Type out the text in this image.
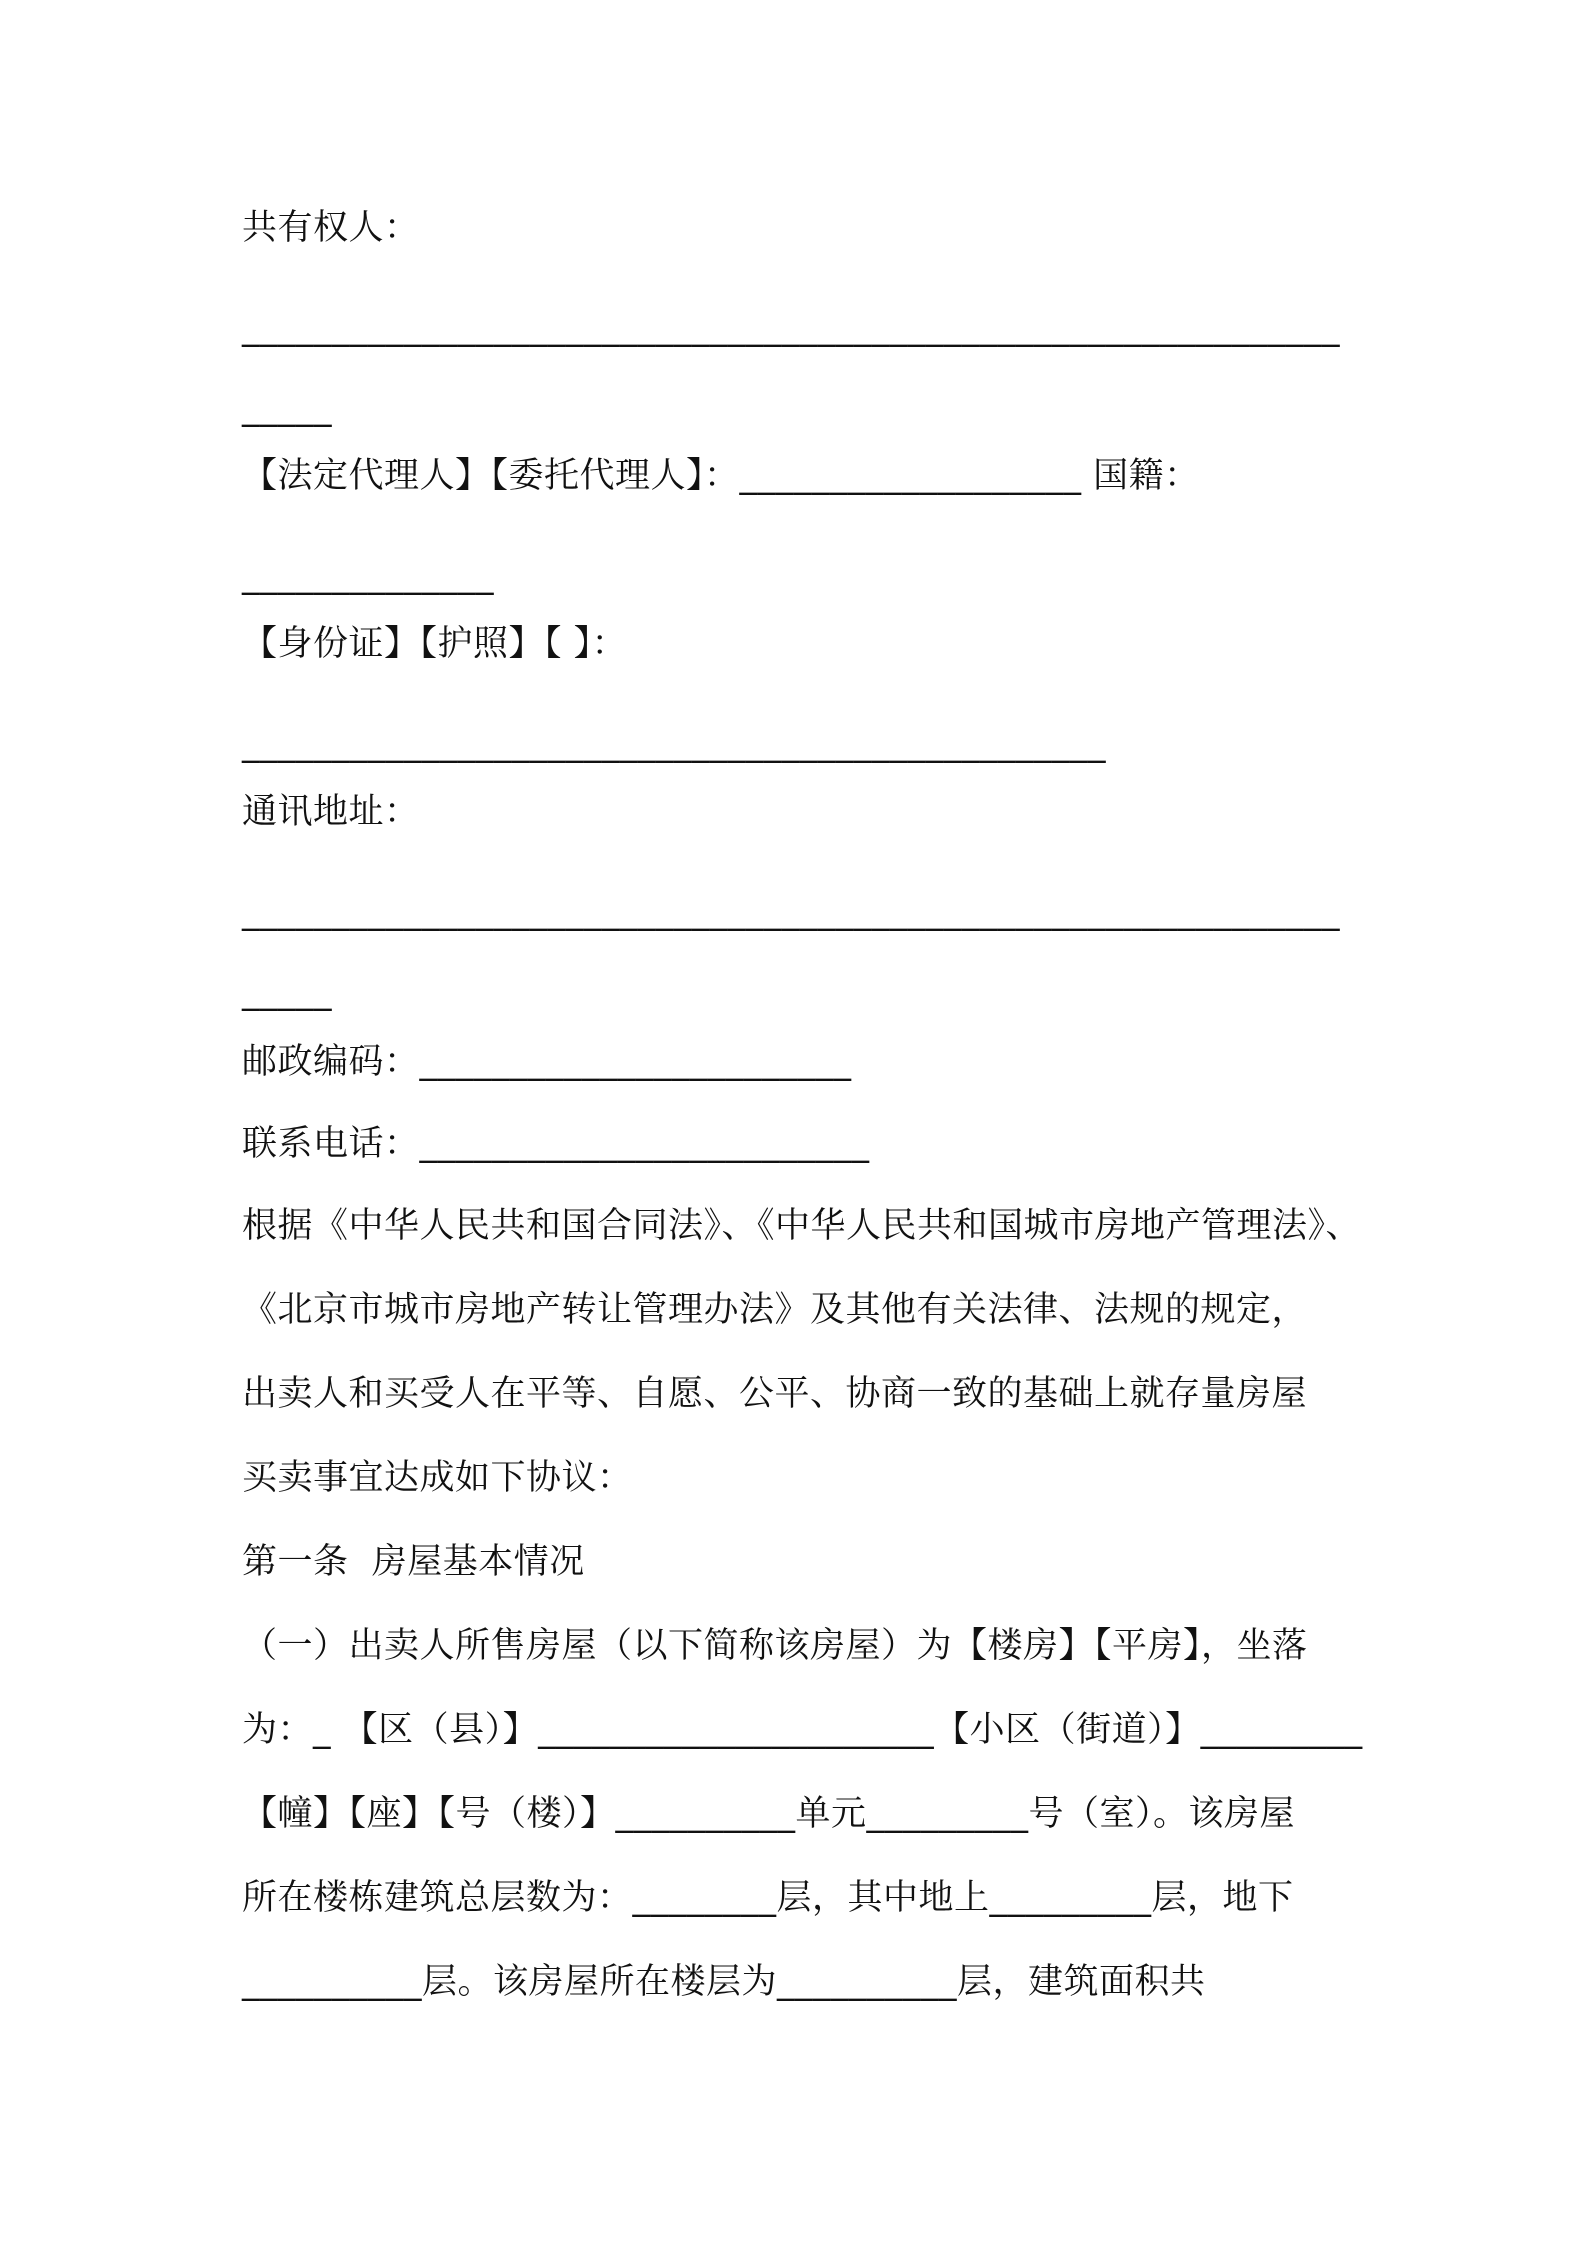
共有权人：
_____________________________________________________________
_____
【法定代理人】【委托代理人】：___________________ 国籍：
______________
【身份证】【护照】【 】：
________________________________________________
通讯地址：
_____________________________________________________________
_____
邮政编码：________________________
联系电话：_________________________
根据《中华人民共和国合同法》、《中华人民共和国城市房地产管理法》、
《北京市城市房地产转让管理办法》及其他有关法律、法规的规定，
出卖人和买受人在平等、自愿、公平、协商一致的基础上就存量房屋
买卖事宜达成如下协议：
第一条  房屋基本情况
（一）出卖人所售房屋（以下简称该房屋）为【楼房】【平房】，坐落
为：_ 【区（县）】______________________【小区（街道）】_________
【幢】【座】【号（楼）】__________单元_________号（室）。该房屋
所在楼栋建筑总层数为：________层，其中地上_________层，地下
__________层。该房屋所在楼层为__________层，建筑面积共
